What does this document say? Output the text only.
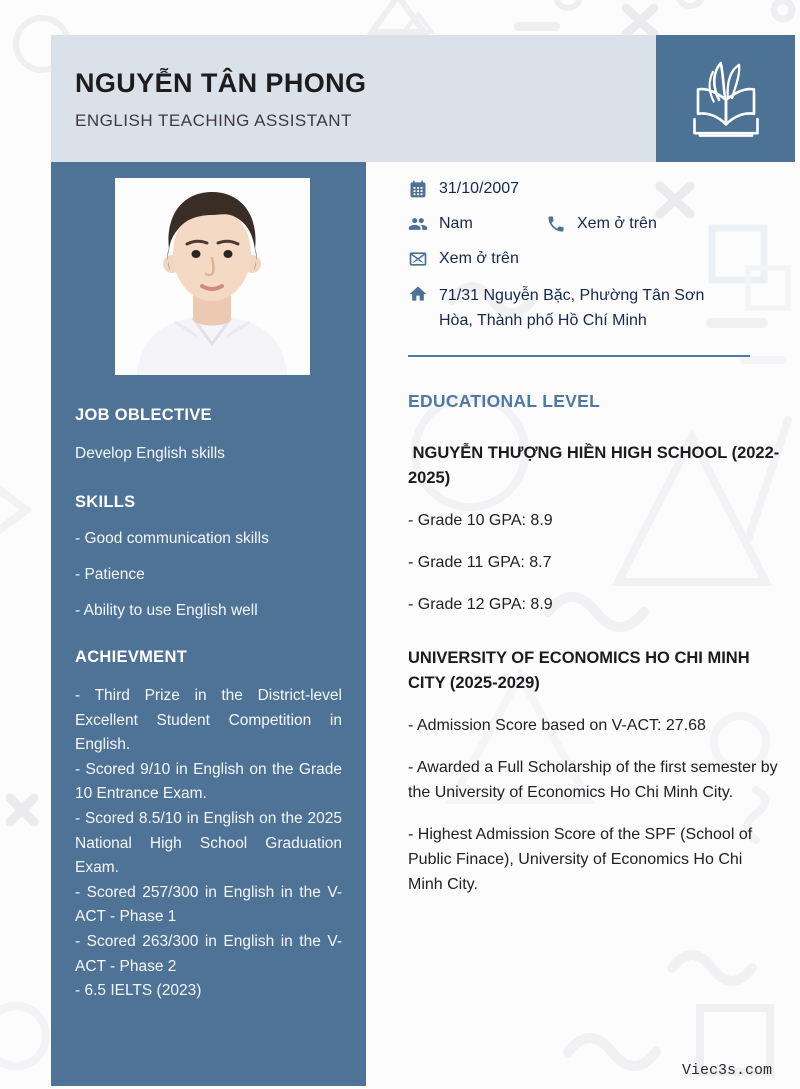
NGUYỄN TÂN PHONG
ENGLISH TEACHING ASSISTANT
JOB OBLECTIVE

Develop English skills

SKILLS

- Good communication skills

- Patience

- Ability to use English well

ACHIEVMENT
- Third Prize in the District-level Excellent Student Competition in English.
- Scored 9/10 in English on the Grade 10 Entrance Exam.
- Scored 8.5/10 in English on the 2025 National High School Graduation Exam.
- Scored 257/300 in English in the V-ACT - Phase 1
- Scored 263/300 in English in the V-ACT - Phase 2
- 6.5 IELTS (2023)
31/10/2007
Nam	Xem ở trên
Xem ở trên
71/31 Nguyễn Bặc, Phường Tân Sơn Hòa, Thành phố Hồ Chí Minh
EDUCATIONAL LEVEL
NGUYỄN THƯỢNG HIỀN HIGH SCHOOL (2022-2025)

- Grade 10 GPA: 8.9

- Grade 11 GPA: 8.7

- Grade 12 GPA: 8.9

UNIVERSITY OF ECONOMICS HO CHI MINH CITY (2025-2029)

- Admission Score based on V-ACT: 27.68

- Awarded a Full Scholarship of the first semester by the University of Economics Ho Chi Minh City.

- Highest Admission Score of the SPF (School of Public Finace), University of Economics Ho Chi Minh City.

Viec3s.com
